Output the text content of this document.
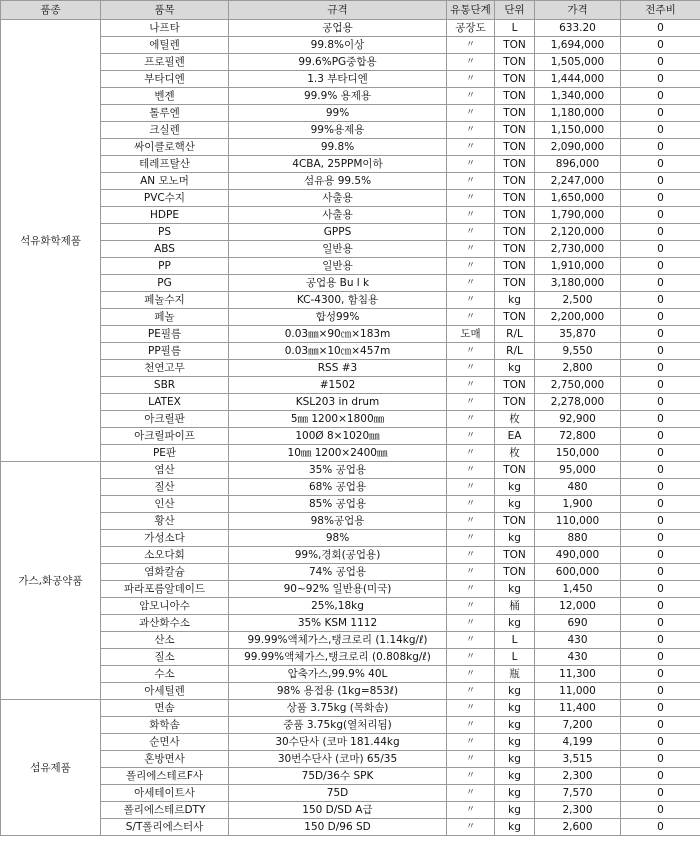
품종	품목	규격	유통단계	단위	가격	전주비
석유화학제품	나프타	공업용	공장도	L	633.20	0
	에틸렌	99.8%이상	〃	TON	1,694,000	0
	프로필렌	99.6%PG중합용	〃	TON	1,505,000	0
	부타디엔	1.3 부타디엔	〃	TON	1,444,000	0
	벤젠	99.9% 용제용	〃	TON	1,340,000	0
	톨루엔	99%	〃	TON	1,180,000	0
	크실렌	99%용제용	〃	TON	1,150,000	0
	싸이클로핵산	99.8%	〃	TON	2,090,000	0
	테레프탈산	4CBA, 25PPM이하	〃	TON	896,000	0
	AN 모노머	섬유용 99.5%	〃	TON	2,247,000	0
	PVC수지	사출용	〃	TON	1,650,000	0
	HDPE	사출용	〃	TON	1,790,000	0
	PS	GPPS	〃	TON	2,120,000	0
	ABS	일반용	〃	TON	2,730,000	0
	PP	일반용	〃	TON	1,910,000	0
	PG	공업용 Bu l k	〃	TON	3,180,000	0
	페놀수지	KC-4300, 함침용	〃	kg	2,500	0
	페놀	합성99%	〃	TON	2,200,000	0
	PE필름	0.03㎜×90㎝×183m	도매	R/L	35,870	0
	PP필름	0.03㎜×10㎝×457m	〃	R/L	9,550	0
	천연고무	RSS #3	〃	kg	2,800	0
	SBR	#1502	〃	TON	2,750,000	0
	LATEX	KSL203 in drum	〃	TON	2,278,000	0
	아크릴판	5㎜ 1200×1800㎜	〃	枚	92,900	0
	아크릴파이프	100Ø 8×1020㎜	〃	EA	72,800	0
	PE판	10㎜ 1200×2400㎜	〃	枚	150,000	0
가스,화공약품	염산	35% 공업용	〃	TON	95,000	0
	질산	68% 공업용	〃	kg	480	0
	인산	85% 공업용	〃	kg	1,900	0
	황산	98%공업용	〃	TON	110,000	0
	가성소다	98%	〃	kg	880	0
	소오다회	99%,경회(공업용)	〃	TON	490,000	0
	염화칼슘	74% 공업용	〃	TON	600,000	0
	파라포름알데이드	90~92% 일반용(미국)	〃	kg	1,450	0
	암모니아수	25%,18kg	〃	桶	12,000	0
	과산화수소	35% KSM 1112	〃	kg	690	0
	산소	99.99%액체가스,탱크로리 (1.14kg/ℓ)	〃	L	430	0
	질소	99.99%액체가스,탱크로리 (0.808kg/ℓ)	〃	L	430	0
	수소	압축가스,99.9% 40L	〃	瓶	11,300	0
	아세틸렌	98% 용접용 (1kg=853ℓ)	〃	kg	11,000	0
섬유제품	면솜	상품 3.75kg (목화솜)	〃	kg	11,400	0
	화학솜	중품 3.75kg(열처리됨)	〃	kg	7,200	0
	순면사	30수단사 (코마 181.44kg	〃	kg	4,199	0
	혼방면사	30번수단사 (코마) 65/35	〃	kg	3,515	0
	폴리에스테르F사	75D/36수 SPK	〃	kg	2,300	0
	아세테이트사	75D	〃	kg	7,570	0
	폴리에스테르DTY	150 D/SD A급	〃	kg	2,300	0
	S/T폴리에스터사	150 D/96 SD	〃	kg	2,600	0
